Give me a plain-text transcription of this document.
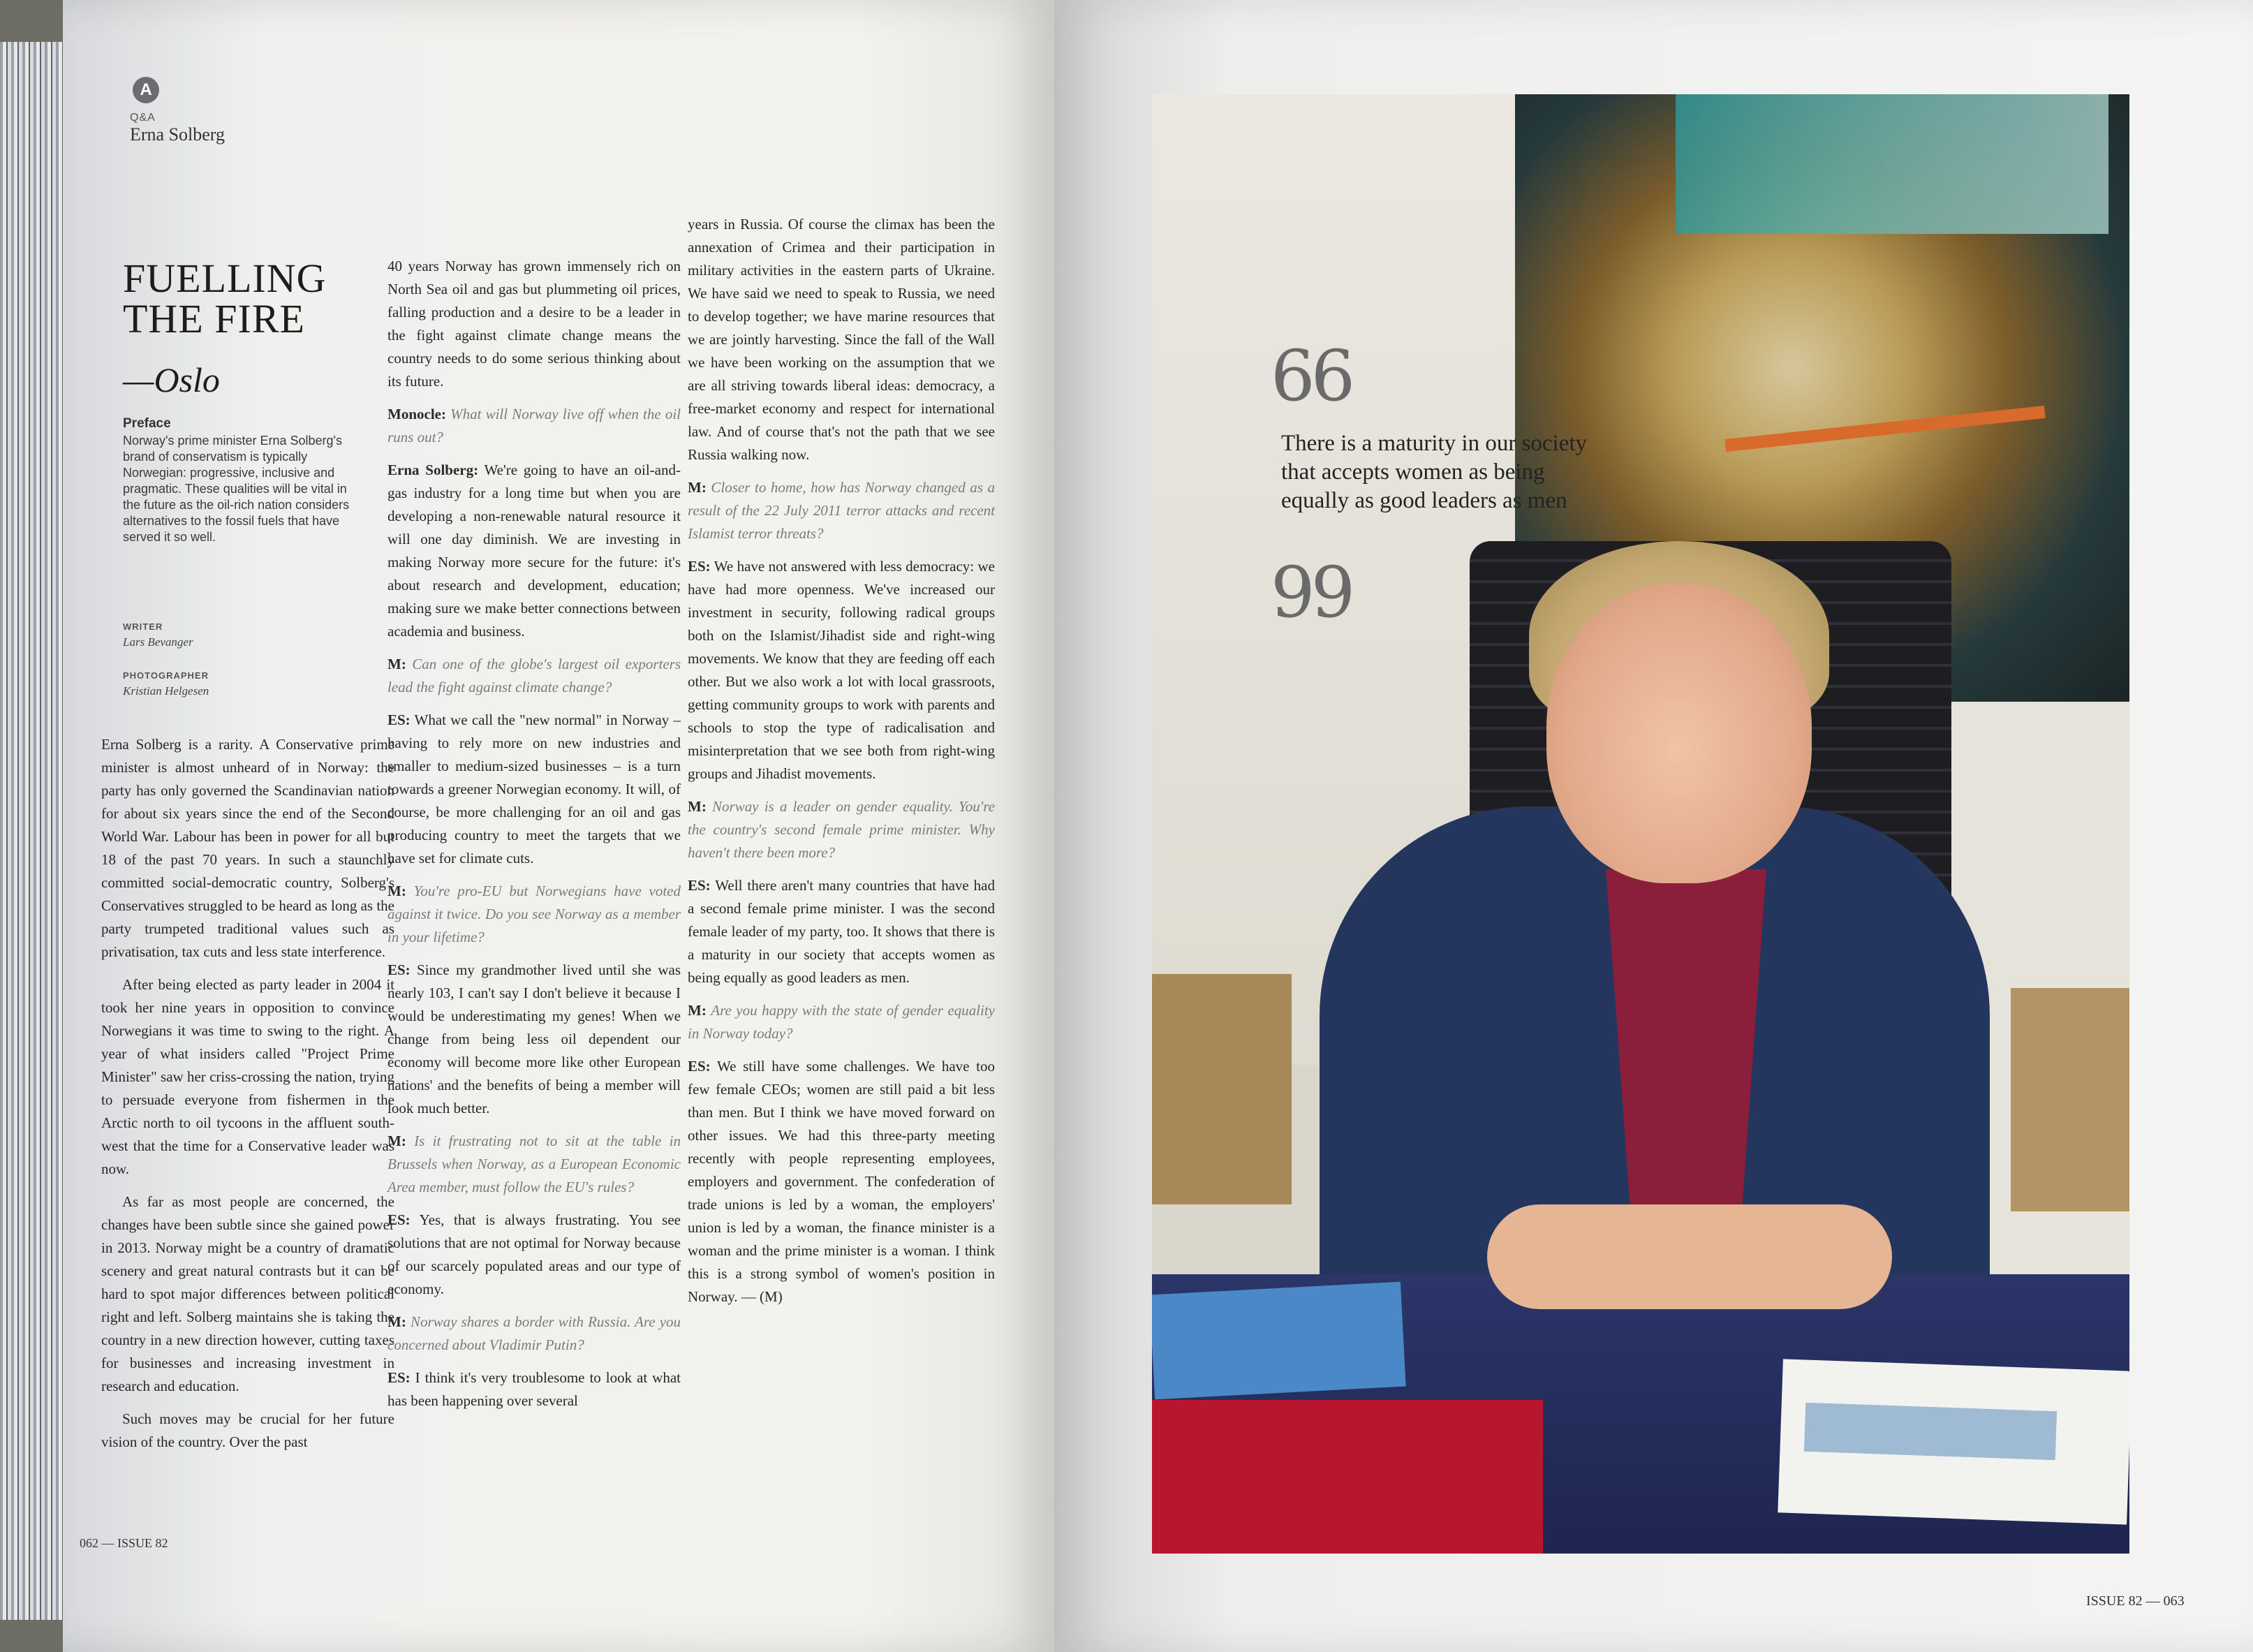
A
Q&A
Erna Solberg
FUELLING
THE FIRE
—Oslo
Preface
Norway's prime minister Erna Solberg's brand of conservatism is typically Norwegian: progressive, inclusive and pragmatic. These qualities will be vital in the future as the oil-rich nation considers alternatives to the fossil fuels that have served it so well.
WRITER
Lars Bevanger
PHOTOGRAPHER
Kristian Helgesen

Erna Solberg is a rarity. A Conservative prime minister is almost unheard of in Norway: the party has only governed the Scandinavian nation for about six years since the end of the Second World War. Labour has been in power for all but 18 of the past 70 years. In such a staunchly committed social-democratic country, Solberg's Conservatives struggled to be heard as long as the party trumpeted traditional values such as privatisation, tax cuts and less state interference.

After being elected as party leader in 2004 it took her nine years in opposition to convince Norwegians it was time to swing to the right. A year of what insiders called "Project Prime Minister" saw her criss-crossing the nation, trying to persuade everyone from fishermen in the Arctic north to oil tycoons in the affluent south-west that the time for a Conservative leader was now.

As far as most people are concerned, the changes have been subtle since she gained power in 2013. Norway might be a country of dramatic scenery and great natural contrasts but it can be hard to spot major differences between political right and left. Solberg maintains she is taking the country in a new direction however, cutting taxes for businesses and increasing investment in research and education.

Such moves may be crucial for her future vision of the country. Over the past

40 years Norway has grown immensely rich on North Sea oil and gas but plummeting oil prices, falling production and a desire to be a leader in the fight against climate change means the country needs to do some serious thinking about its future.

Monocle: What will Norway live off when the oil runs out?

Erna Solberg: We're going to have an oil-and-gas industry for a long time but when you are developing a non-renewable natural resource it will one day diminish. We are investing in making Norway more secure for the future: it's about research and development, education; making sure we make better connections between academia and business.

M: Can one of the globe's largest oil exporters lead the fight against climate change?

ES: What we call the "new normal" in Norway – having to rely more on new industries and smaller to medium-sized businesses – is a turn towards a greener Norwegian economy. It will, of course, be more challenging for an oil and gas producing country to meet the targets that we have set for climate cuts.

M: You're pro-EU but Norwegians have voted against it twice. Do you see Norway as a member in your lifetime?

ES: Since my grandmother lived until she was nearly 103, I can't say I don't believe it because I would be underestimating my genes! When we change from being less oil dependent our economy will become more like other European nations' and the benefits of being a member will look much better.

M: Is it frustrating not to sit at the table in Brussels when Norway, as a European Economic Area member, must follow the EU's rules?

ES: Yes, that is always frustrating. You see solutions that are not optimal for Norway because of our scarcely populated areas and our type of economy.

M: Norway shares a border with Russia. Are you concerned about Vladimir Putin?

ES: I think it's very troublesome to look at what has been happening over several

years in Russia. Of course the climax has been the annexation of Crimea and their participation in military activities in the eastern parts of Ukraine. We have said we need to speak to Russia, we need to develop together; we have marine resources that we are jointly harvesting. Since the fall of the Wall we have been working on the assumption that we are all striving towards liberal ideas: democracy, a free-market economy and respect for international law. And of course that's not the path that we see Russia walking now.

M: Closer to home, how has Norway changed as a result of the 22 July 2011 terror attacks and recent Islamist terror threats?

ES: We have not answered with less democracy: we have had more openness. We've increased our investment in security, following radical groups both on the Islamist/Jihadist side and right-wing movements. We know that they are feeding off each other. But we also work a lot with local grassroots, getting community groups to work with parents and schools to stop the type of radicalisation and misinterpretation that we see both from right-wing groups and Jihadist movements.

M: Norway is a leader on gender equality. You're the country's second female prime minister. Why haven't there been more?

ES: Well there aren't many countries that have had a second female prime minister. I was the second female leader of my party, too. It shows that there is a maturity in our society that accepts women as being equally as good leaders as men.

M: Are you happy with the state of gender equality in Norway today?

ES: We still have some challenges. We have too few female CEOs; women are still paid a bit less than men. But I think we have moved forward on other issues. We had this three-party meeting recently with people representing employees, employers and government. The confederation of trade unions is led by a woman, the employers' union is led by a woman, the finance minister is a woman and the prime minister is a woman. I think this is a strong symbol of women's position in Norway. — (M)

062 — ISSUE 82
66
There is a maturity in our society that accepts women as being equally as good leaders as men
99
ISSUE 82 — 063
